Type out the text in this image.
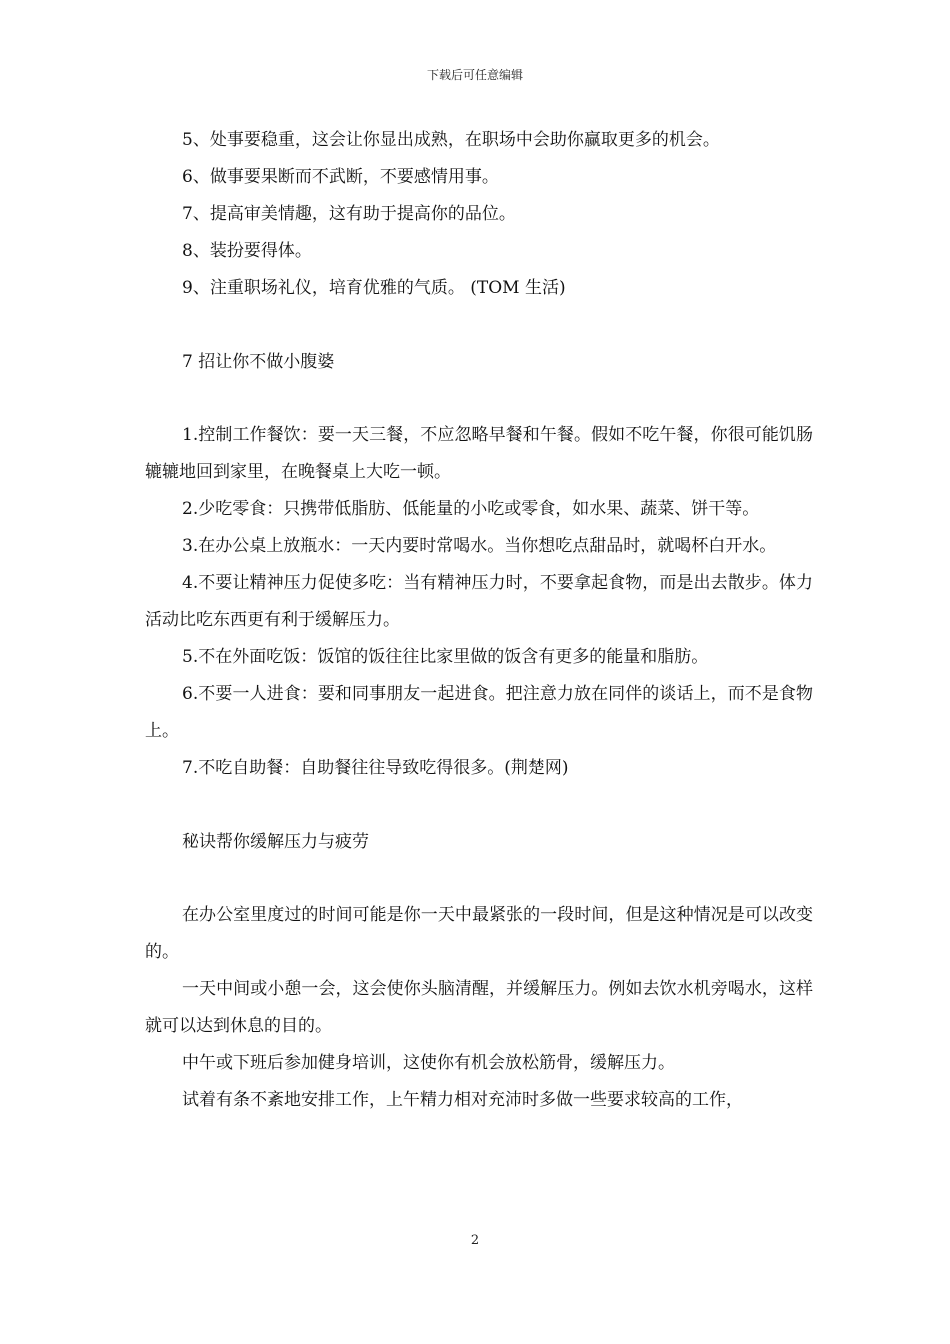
下载后可任意编辑

5、处事要稳重，这会让你显出成熟，在职场中会助你赢取更多的机会。

6、做事要果断而不武断，不要感情用事。

7、提高审美情趣，这有助于提高你的品位。

8、装扮要得体。

9、注重职场礼仪，培育优雅的气质。 (TOM 生活)

7 招让你不做小腹婆

1.控制工作餐饮：要一天三餐，不应忽略早餐和午餐。假如不吃午餐，你很可能饥肠辘辘地回到家里，在晚餐桌上大吃一顿。

2.少吃零食：只携带低脂肪、低能量的小吃或零食，如水果、蔬菜、饼干等。

3.在办公桌上放瓶水：一天内要时常喝水。当你想吃点甜品时，就喝杯白开水。

4.不要让精神压力促使多吃：当有精神压力时，不要拿起食物，而是出去散步。体力活动比吃东西更有利于缓解压力。

5.不在外面吃饭：饭馆的饭往往比家里做的饭含有更多的能量和脂肪。

6.不要一人进食：要和同事朋友一起进食。把注意力放在同伴的谈话上，而不是食物上。

7.不吃自助餐：自助餐往往导致吃得很多。(荆楚网)

秘诀帮你缓解压力与疲劳

在办公室里度过的时间可能是你一天中最紧张的一段时间，但是这种情况是可以改变的。

一天中间或小憩一会，这会使你头脑清醒，并缓解压力。例如去饮水机旁喝水，这样就可以达到休息的目的。

中午或下班后参加健身培训，这使你有机会放松筋骨，缓解压力。

试着有条不紊地安排工作，上午精力相对充沛时多做一些要求较高的工作，

2
